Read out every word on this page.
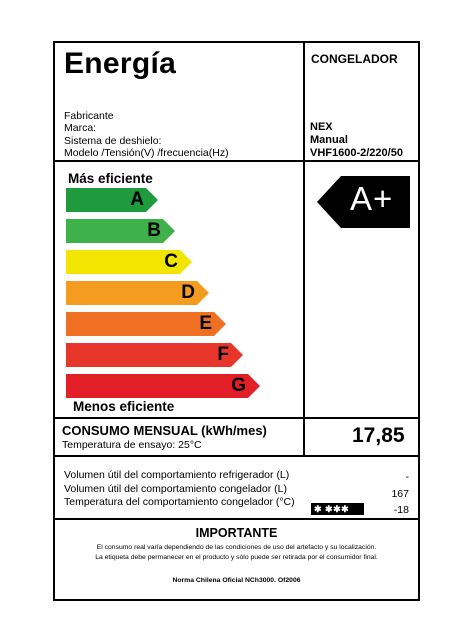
Energía	CONGELADOR
Fabricante
Marca:
Sistema de deshielo:
Modelo /Tensión(V) /frecuencia(Hz)
NEX
Manual
VHF1600-2/220/50
Más eficiente
A
B
C
D
E
F
G
Menos eficiente
A+
CONSUMO MENSUAL (kWh/mes)
Temperatura de ensayo: 25°C	17,85
Volumen útil del comportamiento refrigerador (L)
Volumen útil del comportamiento congelador (L)
Temperatura del comportamiento congelador (°C)
-
167
-18
✱ ✱✱✱
IMPORTANTE
El consumo real varía dependiendo de las condiciones de uso del artefacto y su localización.
La etiqueta debe permanecer en el producto y sólo puede ser retirada por el consumidor final.
Norma Chilena Oficial NCh3000. Of2006
